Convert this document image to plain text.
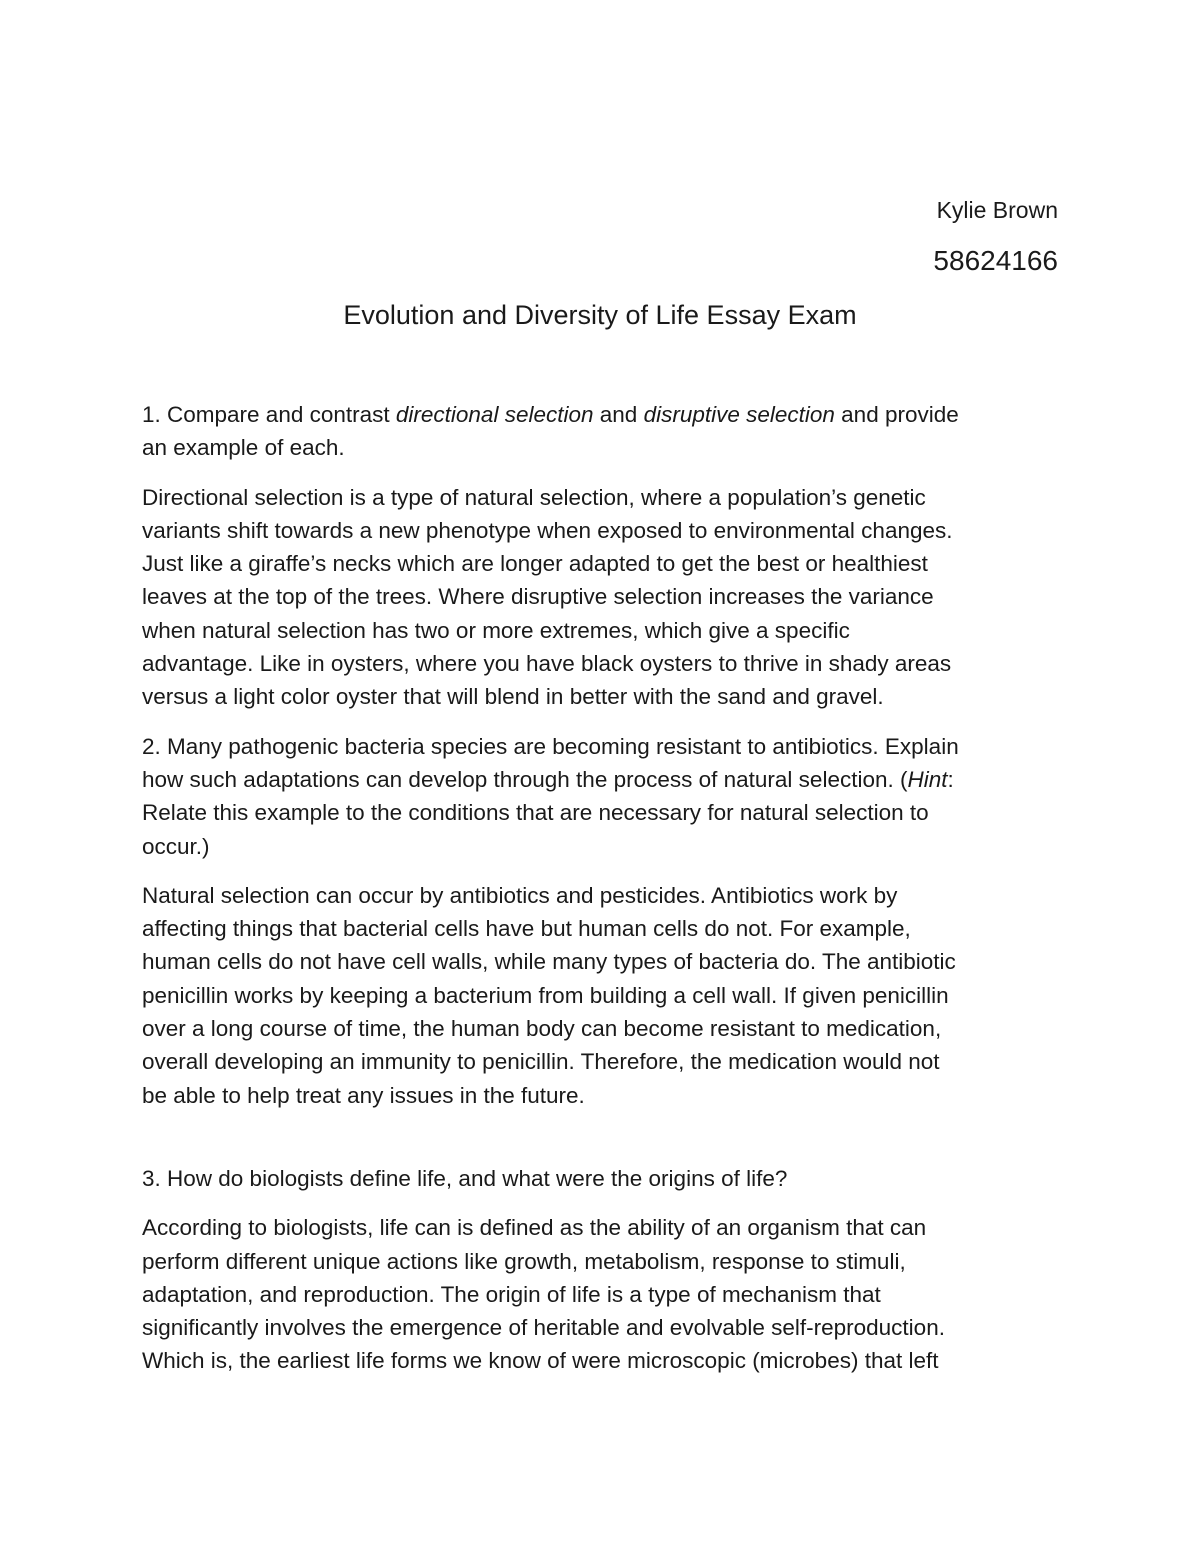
Kylie Brown
58624166
Evolution and Diversity of Life Essay Exam

1. Compare and contrast directional selection and disruptive selection and provide
an example of each.

Directional selection is a type of natural selection, where a population’s genetic
variants shift towards a new phenotype when exposed to environmental changes.
Just like a giraffe’s necks which are longer adapted to get the best or healthiest
leaves at the top of the trees. Where disruptive selection increases the variance
when natural selection has two or more extremes, which give a specific
advantage. Like in oysters, where you have black oysters to thrive in shady areas
versus a light color oyster that will blend in better with the sand and gravel.

2. Many pathogenic bacteria species are becoming resistant to antibiotics. Explain
how such adaptations can develop through the process of natural selection. (Hint:
Relate this example to the conditions that are necessary for natural selection to
occur.)

Natural selection can occur by antibiotics and pesticides. Antibiotics work by
affecting things that bacterial cells have but human cells do not. For example,
human cells do not have cell walls, while many types of bacteria do. The antibiotic
penicillin works by keeping a bacterium from building a cell wall. If given penicillin
over a long course of time, the human body can become resistant to medication,
overall developing an immunity to penicillin. Therefore, the medication would not
be able to help treat any issues in the future.

3. How do biologists define life, and what were the origins of life?

According to biologists, life can is defined as the ability of an organism that can
perform different unique actions like growth, metabolism, response to stimuli,
adaptation, and reproduction. The origin of life is a type of mechanism that
significantly involves the emergence of heritable and evolvable self-reproduction.
Which is, the earliest life forms we know of were microscopic (microbes) that left
